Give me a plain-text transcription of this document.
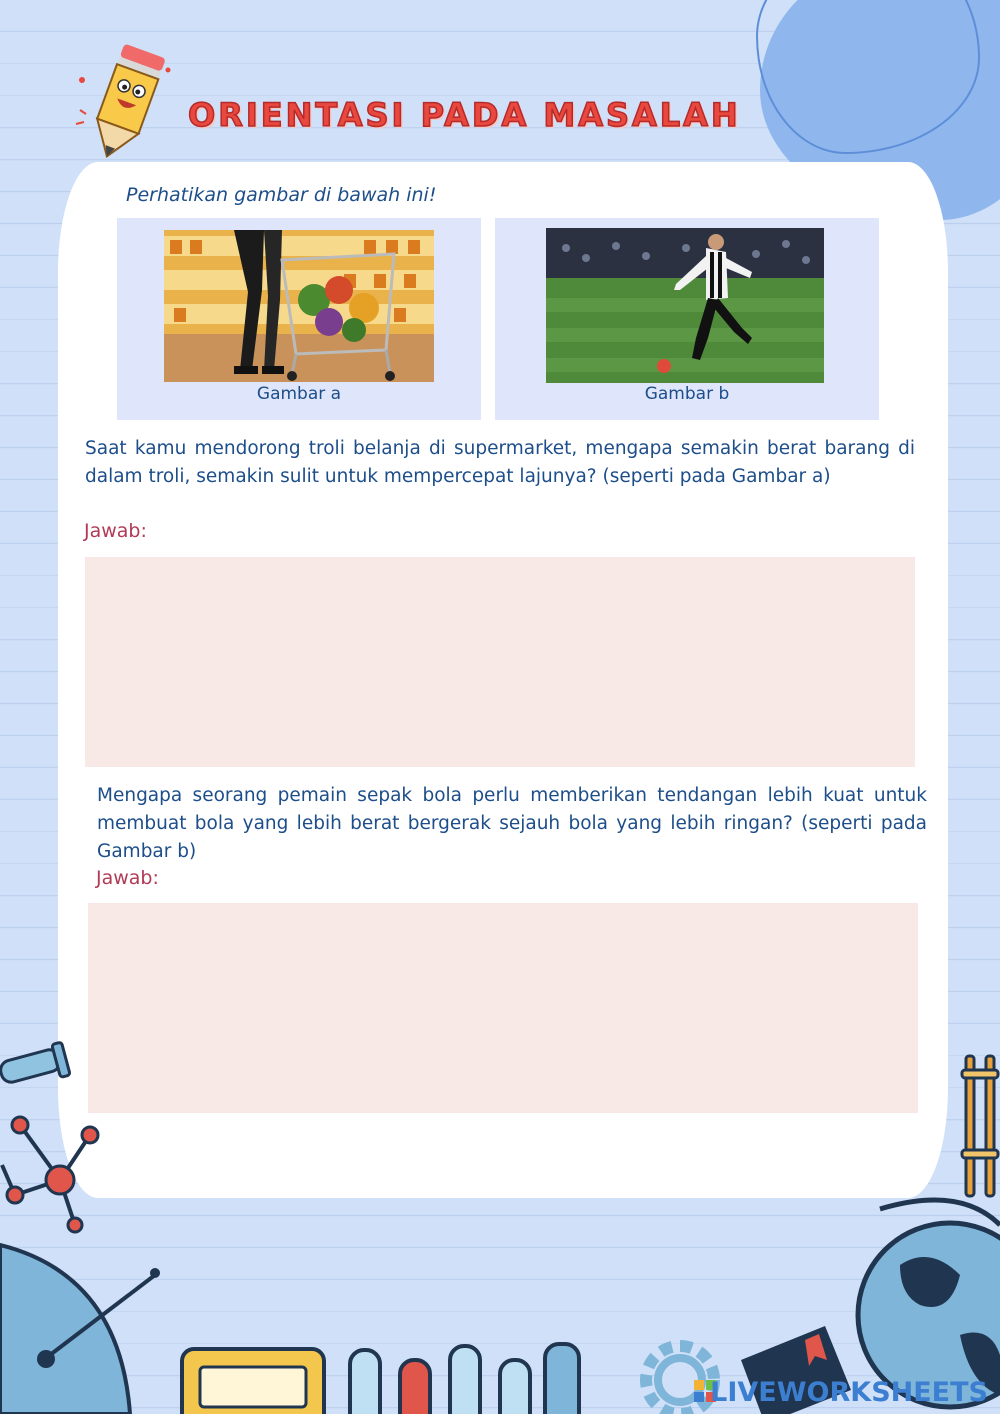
ORIENTASI PADA MASALAH

Perhatikan gambar di bawah ini!

Gambar a	Gambar b

Saat kamu mendorong troli belanja di supermarket, mengapa semakin berat barang di dalam troli, semakin sulit untuk mempercepat lajunya? (seperti pada Gambar a)

Jawab:

Mengapa seorang pemain sepak bola perlu memberikan tendangan lebih kuat untuk membuat bola yang lebih berat bergerak sejauh bola yang lebih ringan? (seperti pada Gambar b)

Jawab:

LIVEWORKSHEETS
